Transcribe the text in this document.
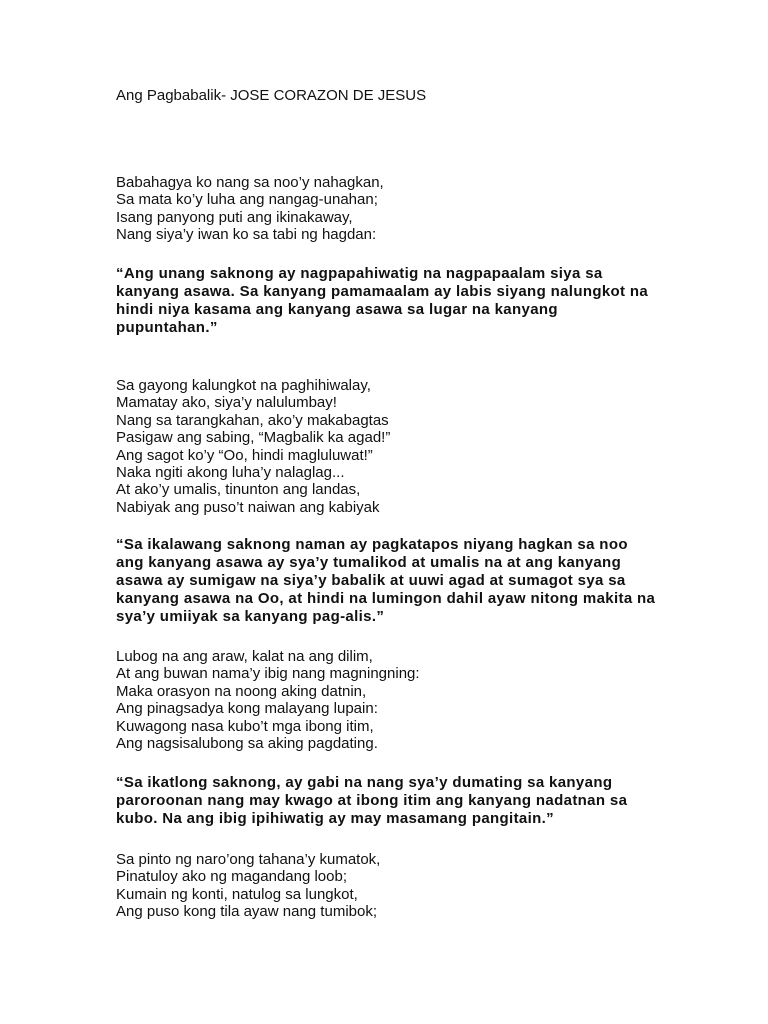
Ang Pagbabalik- JOSE CORAZON DE JESUS
Babahagya ko nang sa noo’y nahagkan,
Sa mata ko’y luha ang nangag-unahan;
Isang panyong puti ang ikinakaway,
Nang siya’y iwan ko sa tabi ng hagdan:

“Ang unang saknong ay nagpapahiwatig na nagpapaalam siya sa kanyang asawa. Sa kanyang pamamaalam ay labis siyang nalungkot na hindi niya kasama ang kanyang asawa sa lugar na kanyang pupuntahan.”

Sa gayong kalungkot na paghihiwalay,
Mamatay ako, siya’y nalulumbay!
Nang sa tarangkahan, ako’y makabagtas
Pasigaw ang sabing, “Magbalik ka agad!”
Ang sagot ko’y “Oo, hindi magluluwat!”
Naka ngiti akong luha’y nalaglag...
At ako’y umalis, tinunton ang landas,
Nabiyak ang puso’t naiwan ang kabiyak

“Sa ikalawang saknong naman ay pagkatapos niyang hagkan sa noo ang kanyang asawa ay sya’y tumalikod at umalis na at ang kanyang asawa ay sumigaw na siya’y babalik at uuwi agad at sumagot sya sa kanyang asawa na Oo, at hindi na lumingon dahil ayaw nitong makita na sya’y umiiyak sa kanyang pag-alis.”

Lubog na ang araw, kalat na ang dilim,
At ang buwan nama’y ibig nang magningning:
Maka orasyon na noong aking datnin,
Ang pinagsadya kong malayang lupain:
Kuwagong nasa kubo’t mga ibong itim,
Ang nagsisalubong sa aking pagdating.

“Sa ikatlong saknong, ay gabi na nang sya’y dumating sa kanyang paroroonan nang may kwago at ibong itim ang kanyang nadatnan sa kubo. Na ang ibig ipihiwatig ay may masamang pangitain.”

Sa pinto ng naro’ong tahana’y kumatok,
Pinatuloy ako ng magandang loob;
Kumain ng konti, natulog sa lungkot,
Ang puso kong tila ayaw nang tumibok;
